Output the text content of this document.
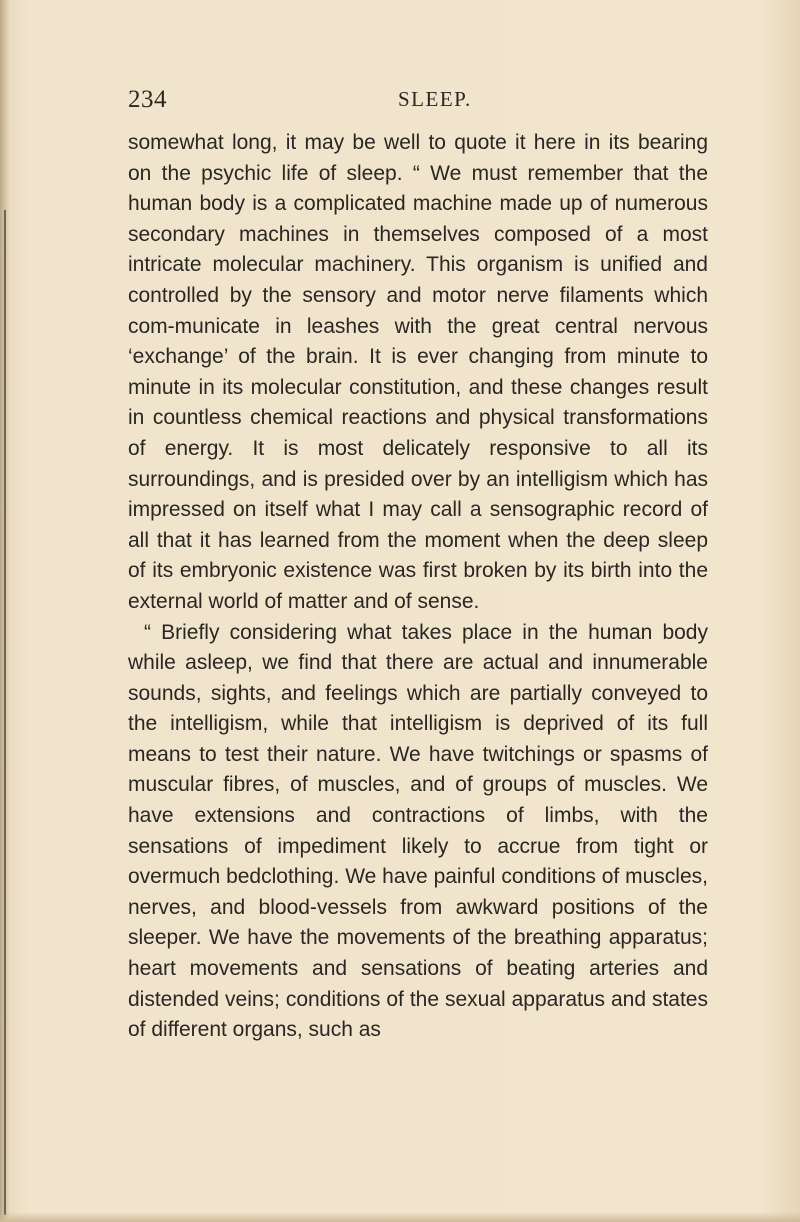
234	SLEEP.

somewhat long, it may be well to quote it here in its bearing on the psychic life of sleep. “ We must remember that the human body is a complicated machine made up of numerous secondary machines in themselves composed of a most intricate molecular machinery. This organism is unified and controlled by the sensory and motor nerve filaments which com-municate in leashes with the great central nervous ‘exchange’ of the brain. It is ever changing from minute to minute in its molecular constitution, and these changes result in countless chemical reactions and physical transformations of energy. It is most delicately responsive to all its surroundings, and is presided over by an intelligism which has impressed on itself what I may call a sensographic record of all that it has learned from the moment when the deep sleep of its embryonic existence was first broken by its birth into the external world of matter and of sense.

“ Briefly considering what takes place in the human body while asleep, we find that there are actual and innumerable sounds, sights, and feelings which are partially conveyed to the intelligism, while that intelligism is deprived of its full means to test their nature. We have twitchings or spasms of muscular fibres, of muscles, and of groups of muscles. We have extensions and contractions of limbs, with the sensations of impediment likely to accrue from tight or overmuch bedclothing. We have painful conditions of muscles, nerves, and blood-vessels from awkward positions of the sleeper. We have the movements of the breathing apparatus; heart movements and sensations of beating arteries and distended veins; conditions of the sexual apparatus and states of different organs, such as
